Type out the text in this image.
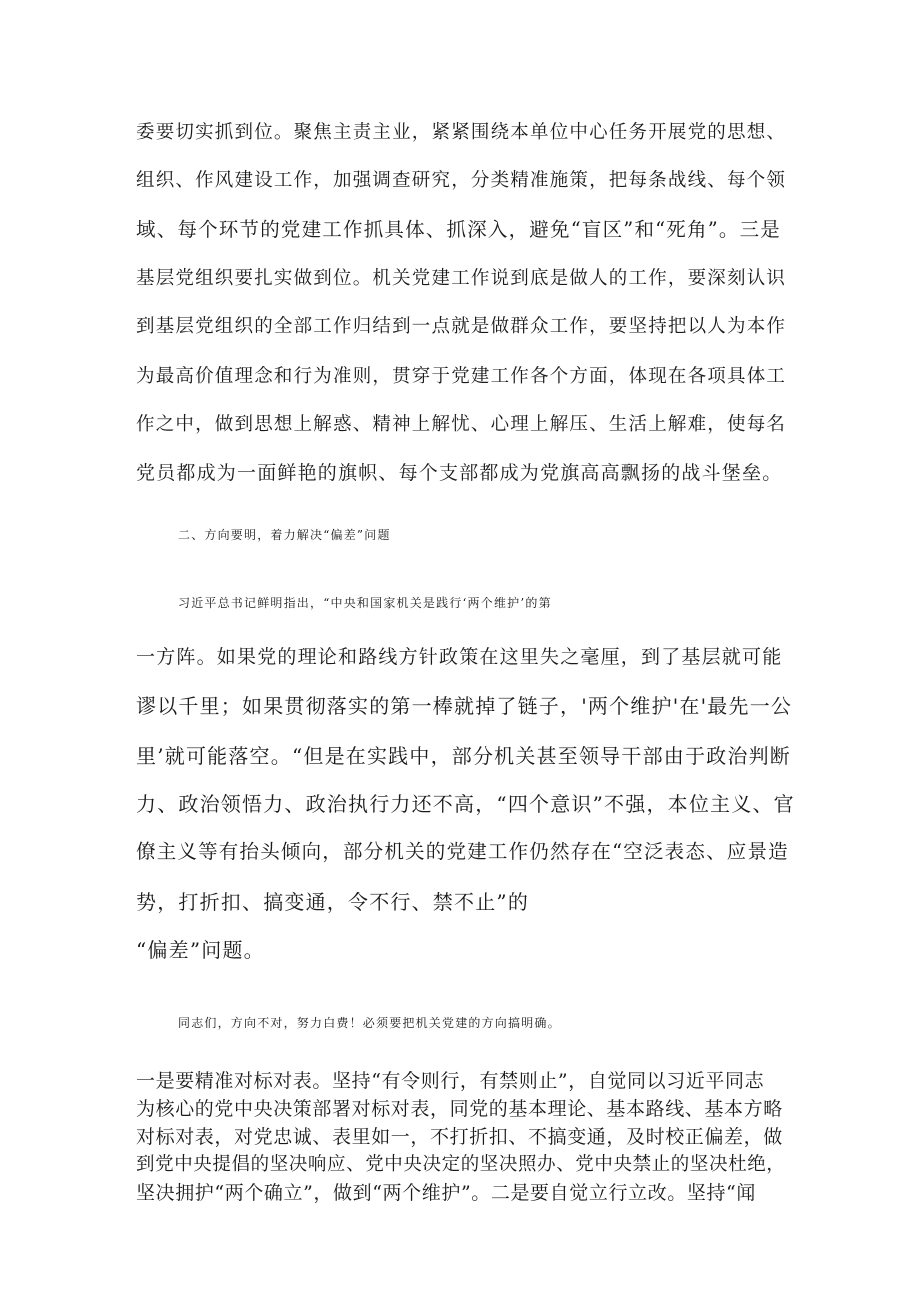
委要切实抓到位。聚焦主责主业，紧紧围绕本单位中心任务开展党的思想、
组织、作风建设工作，加强调查研究，分类精准施策，把每条战线、每个领
域、每个环节的党建工作抓具体、抓深入，避免“盲区”和“死角”。三是
基层党组织要扎实做到位。机关党建工作说到底是做人的工作，要深刻认识
到基层党组织的全部工作归结到一点就是做群众工作，要坚持把以人为本作
为最高价值理念和行为准则，贯穿于党建工作各个方面，体现在各项具体工
作之中，做到思想上解惑、精神上解忧、心理上解压、生活上解难，使每名
党员都成为一面鲜艳的旗帜、每个支部都成为党旗高高飘扬的战斗堡垒。
二、方向要明，着力解决“偏差”问题
习近平总书记鲜明指出，“中央和国家机关是践行‘两个维护’的第
一方阵。如果党的理论和路线方针政策在这里失之毫厘，到了基层就可能
谬以千里；如果贯彻落实的第一棒就掉了链子，'两个维护'在'最先一公
里’就可能落空。“但是在实践中，部分机关甚至领导干部由于政治判断
力、政治领悟力、政治执行力还不高，“四个意识”不强，本位主义、官
僚主义等有抬头倾向，部分机关的党建工作仍然存在“空泛表态、应景造
势，打折扣、搞变通，令不行、禁不止”的
“偏差”问题。
同志们，方向不对，努力白费！必须要把机关党建的方向搞明确。
一是要精准对标对表。坚持“有令则行，有禁则止”，自觉同以习近平同志
为核心的党中央决策部署对标对表，同党的基本理论、基本路线、基本方略
对标对表，对党忠诚、表里如一，不打折扣、不搞变通，及时校正偏差，做
到党中央提倡的坚决响应、党中央决定的坚决照办、党中央禁止的坚决杜绝，
坚决拥护“两个确立”，做到“两个维护”。二是要自觉立行立改。坚持“闻
